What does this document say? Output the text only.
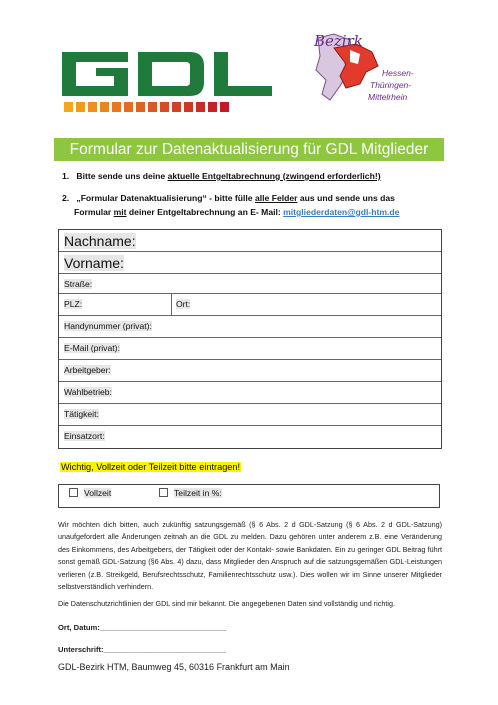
Bezirk
Hessen-
Thüringen-
Mittelrhein
Formular zur Datenaktualisierung für GDL Mitglieder
1. Bitte sende uns deine aktuelle Entgeltabrechnung (zwingend erforderlich!)
2. „Formular Datenaktualisierung“ - bitte fülle alle Felder aus und sende uns das
Formular mit deiner Entgeltabrechnung an E- Mail: mitgliederdaten@gdl-htm.de
Nachname:
Vorname:
Straße:
PLZ:	Ort:
Handynummer (privat):
E-Mail (privat):
Arbeitgeber:
Wahlbetrieb:
Tätigkeit:
Einsatzort:
Wichtig, Vollzeit oder Teilzeit bitte eintragen!
Vollzeit	Teilzeit in %:
Wir möchten dich bitten, auch zukünftig satzungsgemäß (§ 6 Abs. 2 d GDL-Satzung (§ 6 Abs. 2 d GDL-Satzung) unaufgefordert alle Änderungen zeitnah an die GDL zu melden. Dazu gehören unter anderem z.B. eine Veränderung des Einkommens, des Arbeitgebers, der Tätigkeit oder der Kontakt- sowie Bankdaten. Ein zu geringer GDL Beitrag führt sonst gemäß GDL-Satzung (§6 Abs. 4) dazu, dass Mitglieder den Anspruch auf die satzungsgemäßen GDL-Leistungen verlieren (z.B. Streikgeld, Berufsrechtsschutz, Familienrechtsschutz usw.). Dies wollen wir im Sinne unserer Mitglieder selbstverständlich verhindern.
Die Datenschutzrichtlinien der GDL sind mir bekannt. Die angegebenen Daten sind vollständig und richtig.
Ort, Datum:______________________________
Unterschrift:_____________________________
GDL-Bezirk HTM, Baumweg 45, 60316 Frankfurt am Main
